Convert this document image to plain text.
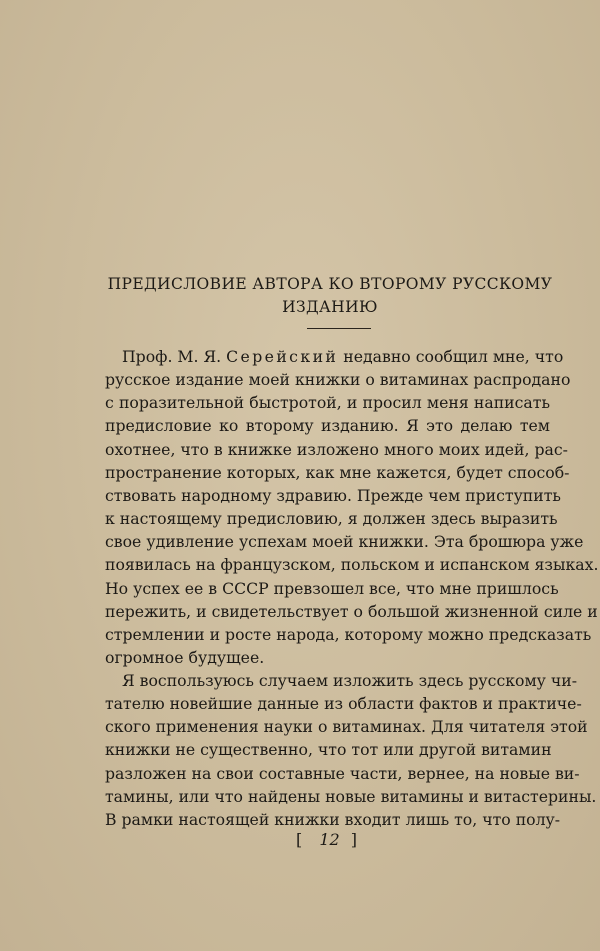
ПРЕДИСЛОВИЕ АВТОРА КО ВТОРОМУ РУССКОМУ
ИЗДАНИЮ

Проф. М. Я. Серейский недавно сообщил мне, что

русское издание моей книжки о витаминах распродано

с поразительной быстротой, и просил меня написать

предисловие ко второму изданию. Я это делаю тем

охотнее, что в книжке изложено много моих идей, рас-

пространение которых, как мне кажется, будет способ-

ствовать народному здравию. Прежде чем приступить

к настоящему предисловию, я должен здесь выразить

свое удивление успехам моей книжки. Эта брошюра уже

появилась на французском, польском и испанском языках.

Но успех ее в СССР превзошел все, что мне пришлось

пережить, и свидетельствует о большой жизненной силе и

стремлении и росте народа, которому можно предсказать

огромное будущее.

Я воспользуюсь случаем изложить здесь русскому чи-

тателю новейшие данные из области фактов и практиче-

ского применения науки о витаминах. Для читателя этой

книжки не существенно, что тот или другой витамин

разложен на свои составные части, вернее, на новые ви-

тамины, или что найдены новые витамины и витастерины.

В рамки настоящей книжки входит лишь то, что полу-

[ 12 ]
